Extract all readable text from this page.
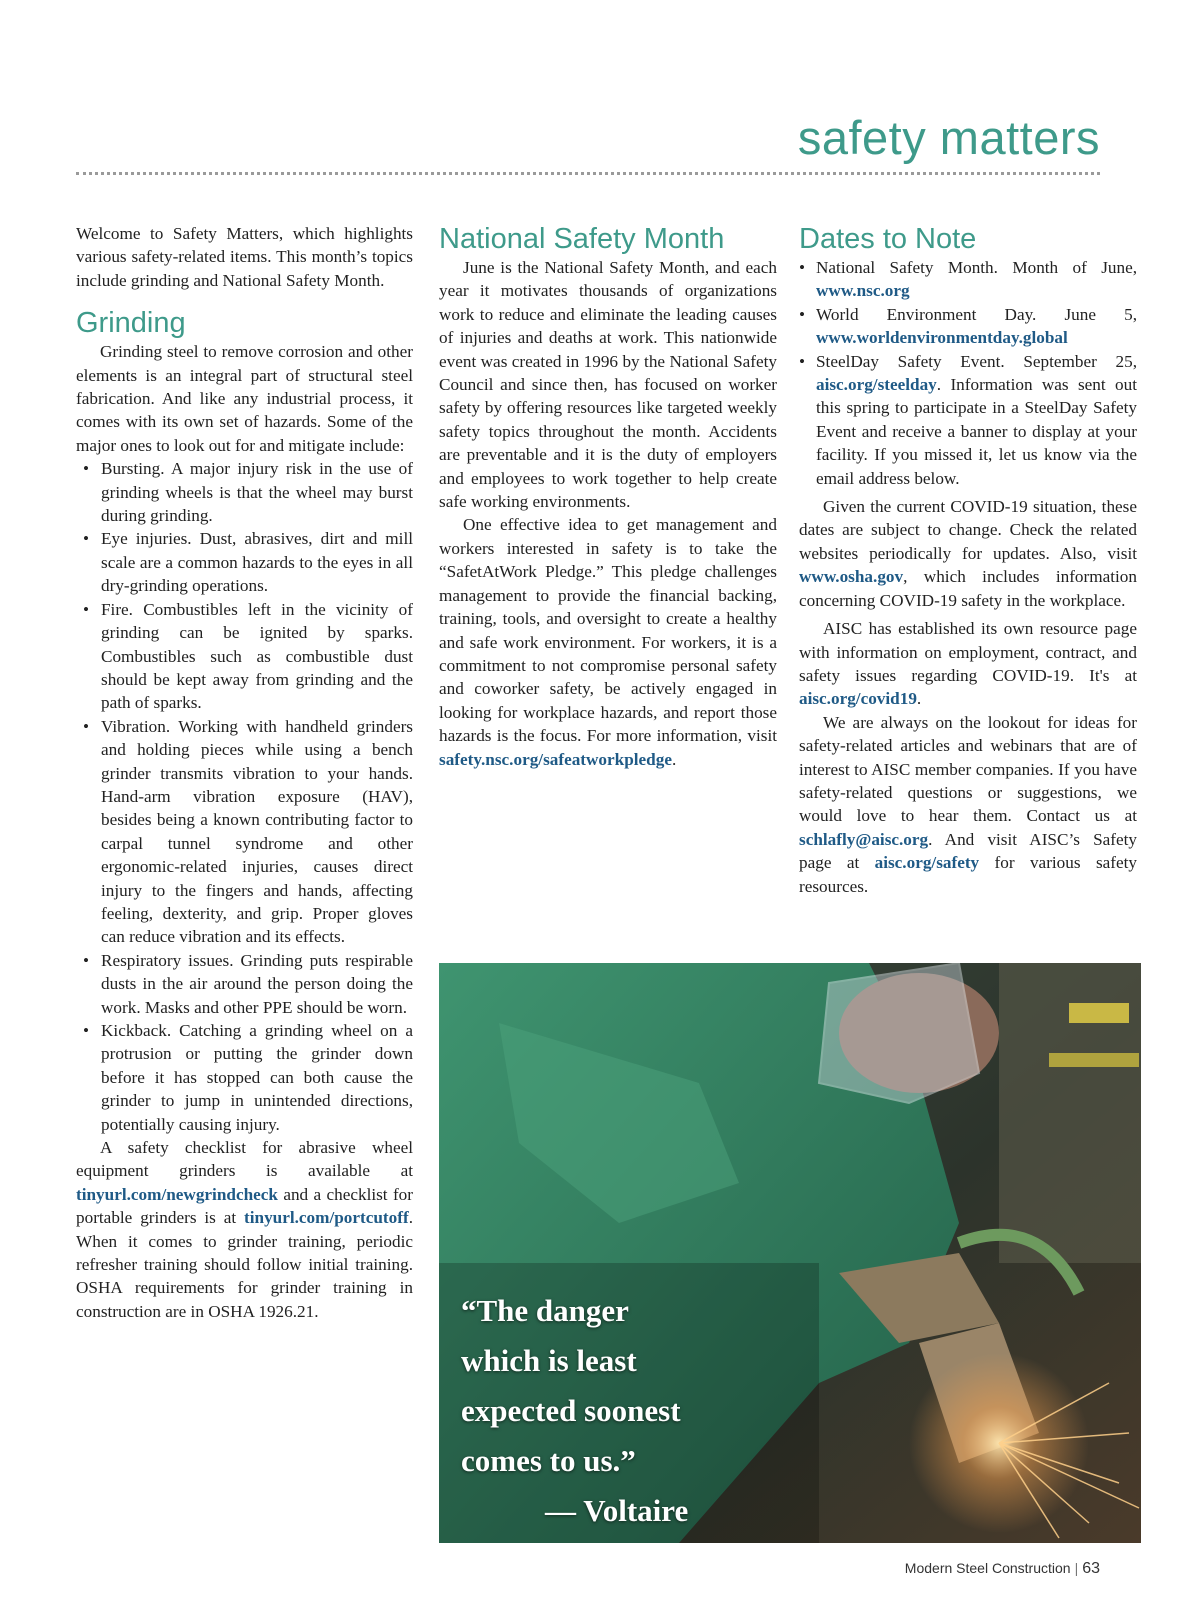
safety matters

Welcome to Safety Matters, which highlights various safety-related items. This month’s topics include grinding and National Safety Month.

Grinding

Grinding steel to remove corrosion and other elements is an integral part of structural steel fabrication. And like any industrial process, it comes with its own set of hazards. Some of the major ones to look out for and mitigate include:

• Bursting. A major injury risk in the use of grinding wheels is that the wheel may burst during grinding.
• Eye injuries. Dust, abrasives, dirt and mill scale are a common hazards to the eyes in all dry-grinding operations.
• Fire. Combustibles left in the vicinity of grinding can be ignited by sparks. Combustibles such as combustible dust should be kept away from grinding and the path of sparks.
• Vibration. Working with handheld grinders and holding pieces while using a bench grinder transmits vibration to your hands. Hand-arm vibration exposure (HAV), besides being a known contributing factor to carpal tunnel syndrome and other ergonomic-related injuries, causes direct injury to the fingers and hands, affecting feeling, dexterity, and grip. Proper gloves can reduce vibration and its effects.
• Respiratory issues. Grinding puts respirable dusts in the air around the person doing the work. Masks and other PPE should be worn.
• Kickback. Catching a grinding wheel on a protrusion or putting the grinder down before it has stopped can both cause the grinder to jump in unintended directions, potentially causing injury.

A safety checklist for abrasive wheel equipment grinders is available at tinyurl.com/newgrindcheck and a checklist for portable grinders is at tinyurl.com/portcutoff. When it comes to grinder training, periodic refresher training should follow initial training. OSHA requirements for grinder training in construction are in OSHA 1926.21.

National Safety Month

June is the National Safety Month, and each year it motivates thousands of organizations work to reduce and eliminate the leading causes of injuries and deaths at work. This nationwide event was created in 1996 by the National Safety Council and since then, has focused on worker safety by offering resources like targeted weekly safety topics throughout the month. Accidents are preventable and it is the duty of employers and employees to work together to help create safe working environments.

One effective idea to get management and workers interested in safety is to take the “SafetAtWork Pledge.” This pledge challenges management to provide the financial backing, training, tools, and oversight to create a healthy and safe work environment. For workers, it is a commitment to not compromise personal safety and coworker safety, be actively engaged in looking for workplace hazards, and report those hazards is the focus. For more information, visit safety.nsc.org/safeatworkpledge.

Dates to Note
• National Safety Month. Month of June, www.nsc.org
• World Environment Day. June 5, www.worldenvironmentday.global
• SteelDay Safety Event. September 25, aisc.org/steelday. Information was sent out this spring to participate in a SteelDay Safety Event and receive a banner to display at your facility. If you missed it, let us know via the email address below.

Given the current COVID-19 situation, these dates are subject to change. Check the related websites periodically for updates. Also, visit www.osha.gov, which includes information concerning COVID-19 safety in the workplace.

AISC has established its own resource page with information on employment, contract, and safety issues regarding COVID-19. It's at aisc.org/covid19.

We are always on the lookout for ideas for safety-related articles and webinars that are of interest to AISC member companies. If you have safety-related questions or suggestions, we would love to hear them. Contact us at schlafly@aisc.org. And visit AISC’s Safety page at aisc.org/safety for various safety resources.

“The danger
which is least
expected soonest
comes to us.”
— Voltaire
Modern Steel Construction | 63
